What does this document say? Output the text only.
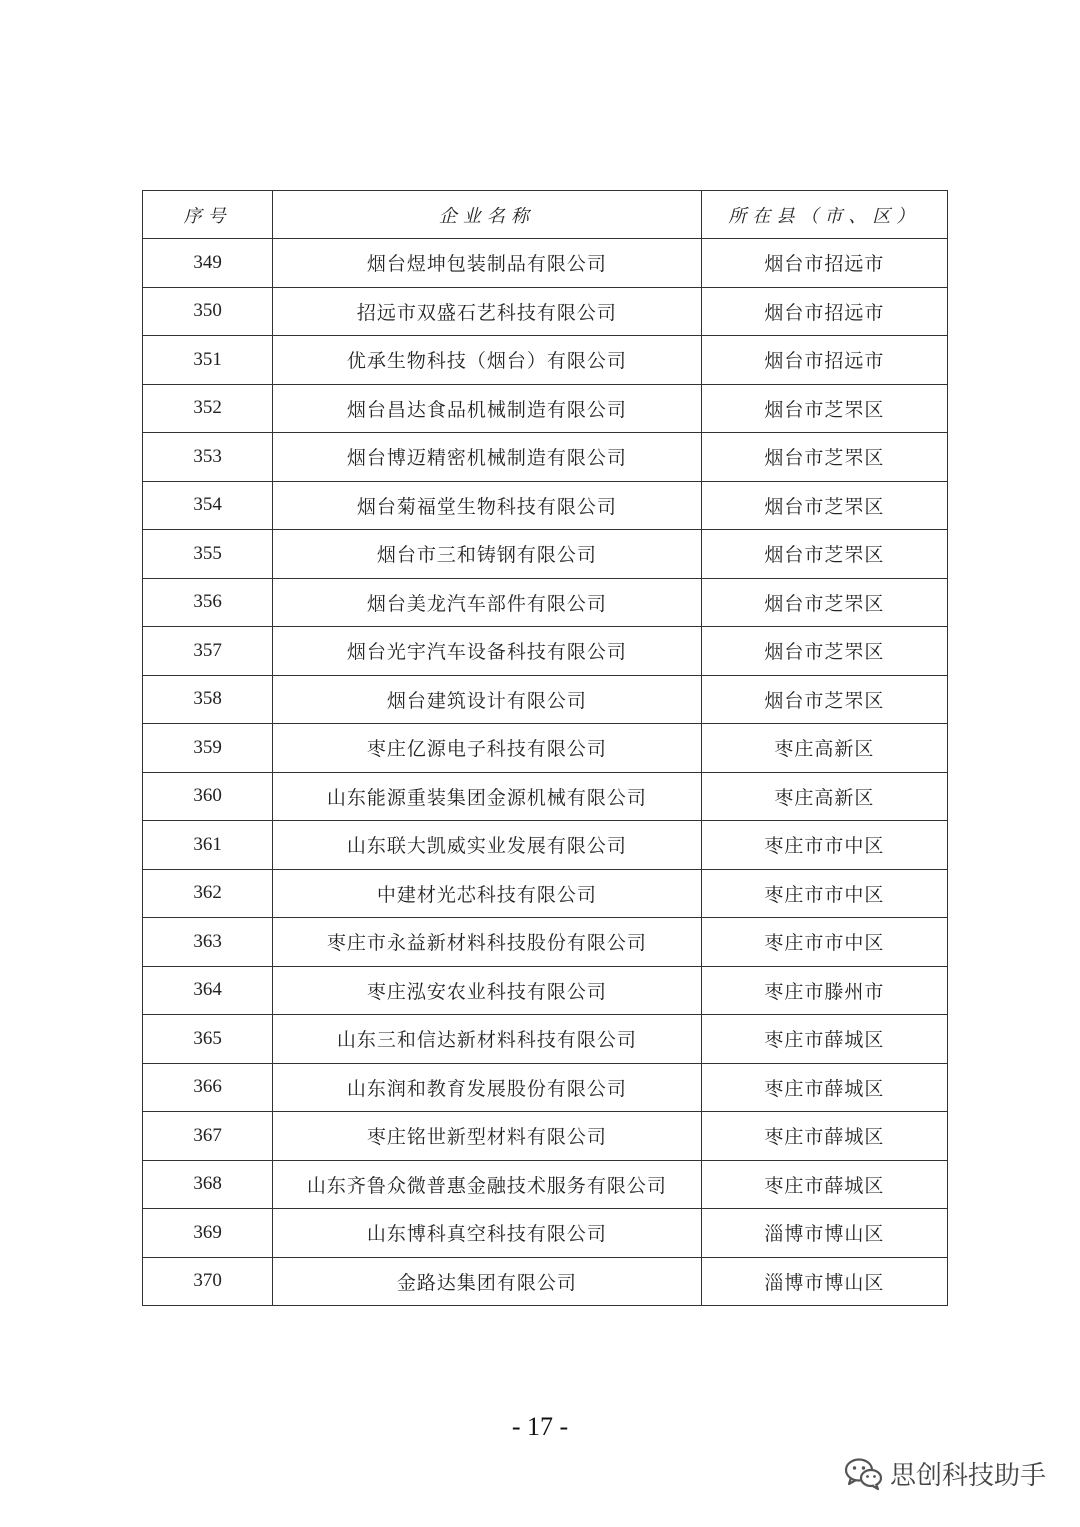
序号	企业名称	所在县（市、区）
349	烟台煜坤包装制品有限公司	烟台市招远市
350	招远市双盛石艺科技有限公司	烟台市招远市
351	优承生物科技（烟台）有限公司	烟台市招远市
352	烟台昌达食品机械制造有限公司	烟台市芝罘区
353	烟台博迈精密机械制造有限公司	烟台市芝罘区
354	烟台菊福堂生物科技有限公司	烟台市芝罘区
355	烟台市三和铸钢有限公司	烟台市芝罘区
356	烟台美龙汽车部件有限公司	烟台市芝罘区
357	烟台光宇汽车设备科技有限公司	烟台市芝罘区
358	烟台建筑设计有限公司	烟台市芝罘区
359	枣庄亿源电子科技有限公司	枣庄高新区
360	山东能源重装集团金源机械有限公司	枣庄高新区
361	山东联大凯威实业发展有限公司	枣庄市市中区
362	中建材光芯科技有限公司	枣庄市市中区
363	枣庄市永益新材料科技股份有限公司	枣庄市市中区
364	枣庄泓安农业科技有限公司	枣庄市滕州市
365	山东三和信达新材料科技有限公司	枣庄市薛城区
366	山东润和教育发展股份有限公司	枣庄市薛城区
367	枣庄铭世新型材料有限公司	枣庄市薛城区
368	山东齐鲁众微普惠金融技术服务有限公司	枣庄市薛城区
369	山东博科真空科技有限公司	淄博市博山区
370	金路达集团有限公司	淄博市博山区
- 17 -
思创科技助手
